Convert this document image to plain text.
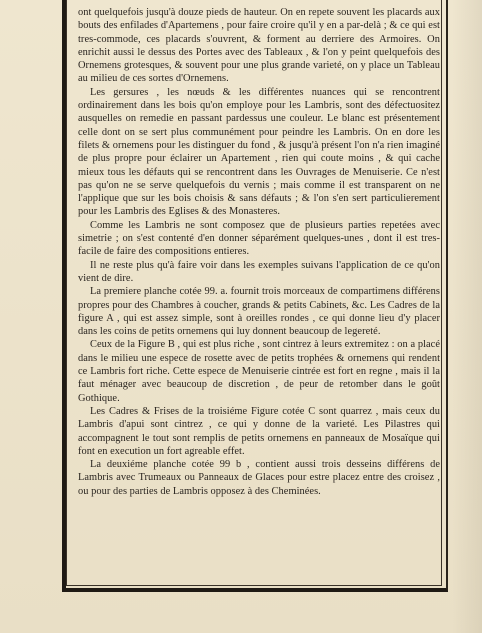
ont quelquefois jusqu'à douze pieds de hauteur. On en repete souvent les placards aux bouts des enfilades d'Apartemens , pour faire croire qu'il y en a par-delà ; & ce qui est tres-commode, ces placards s'ouvrent, & forment au derriere des Armoires. On enrichit aussi le dessus des Portes avec des Tableaux , & l'on y peint quelquefois des Ornemens grotesques, & souvent pour une plus grande varieté, on y place un Tableau au milieu de ces sortes d'Ornemens.

Les gersures , les nœuds & les différentes nuances qui se rencontrent ordinairement dans les bois qu'on employe pour les Lambris, sont des défectuositez ausquelles on remedie en passant pardessus une couleur. Le blanc est présentement celle dont on se sert plus communément pour peindre les Lambris. On en dore les filets & ornemens pour les distinguer du fond , & jusqu'à présent l'on n'a rien imaginé de plus propre pour éclairer un Apartement , rien qui coute moins , & qui cache mieux tous les défauts qui se rencontrent dans les Ouvrages de Menuiserie. Ce n'est pas qu'on ne se serve quelquefois du vernis ; mais comme il est transparent on ne l'applique que sur les bois choisis & sans défauts ; & l'on s'en sert particulierement pour les Lambris des Eglises & des Monasteres.

Comme les Lambris ne sont composez que de plusieurs parties repetées avec simetrie ; on s'est contenté d'en donner séparément quelques-unes , dont il est tres-facile de faire des compositions entieres.

Il ne reste plus qu'à faire voir dans les exemples suivans l'application de ce qu'on vient de dire.

La premiere planche cotée 99. a. fournit trois morceaux de compartimens différens propres pour des Chambres à coucher, grands & petits Cabinets, &c. Les Cadres de la figure A , qui est assez simple, sont à oreilles rondes , ce qui donne lieu d'y placer dans les coins de petits ornemens qui luy donnent beaucoup de legereté.

Ceux de la Figure B , qui est plus riche , sont cintrez à leurs extremitez : on a placé dans le milieu une espece de rosette avec de petits trophées & ornemens qui rendent ce Lambris fort riche. Cette espece de Menuiserie cintrée est fort en regne , mais il la faut ménager avec beaucoup de discretion , de peur de retomber dans le goût Gothique.

Les Cadres & Frises de la troisiéme Figure cotée C sont quarrez , mais ceux du Lambris d'apui sont cintrez , ce qui y donne de la varieté. Les Pilastres qui accompagnent le tout sont remplis de petits ornemens en panneaux de Mosaïque qui font en execution un fort agreable effet.

La deuxiéme planche cotée 99 b , contient aussi trois desseins différens de Lambris avec Trumeaux ou Panneaux de Glaces pour estre placez entre des croisez , ou pour des parties de Lambris opposez à des Cheminées.
